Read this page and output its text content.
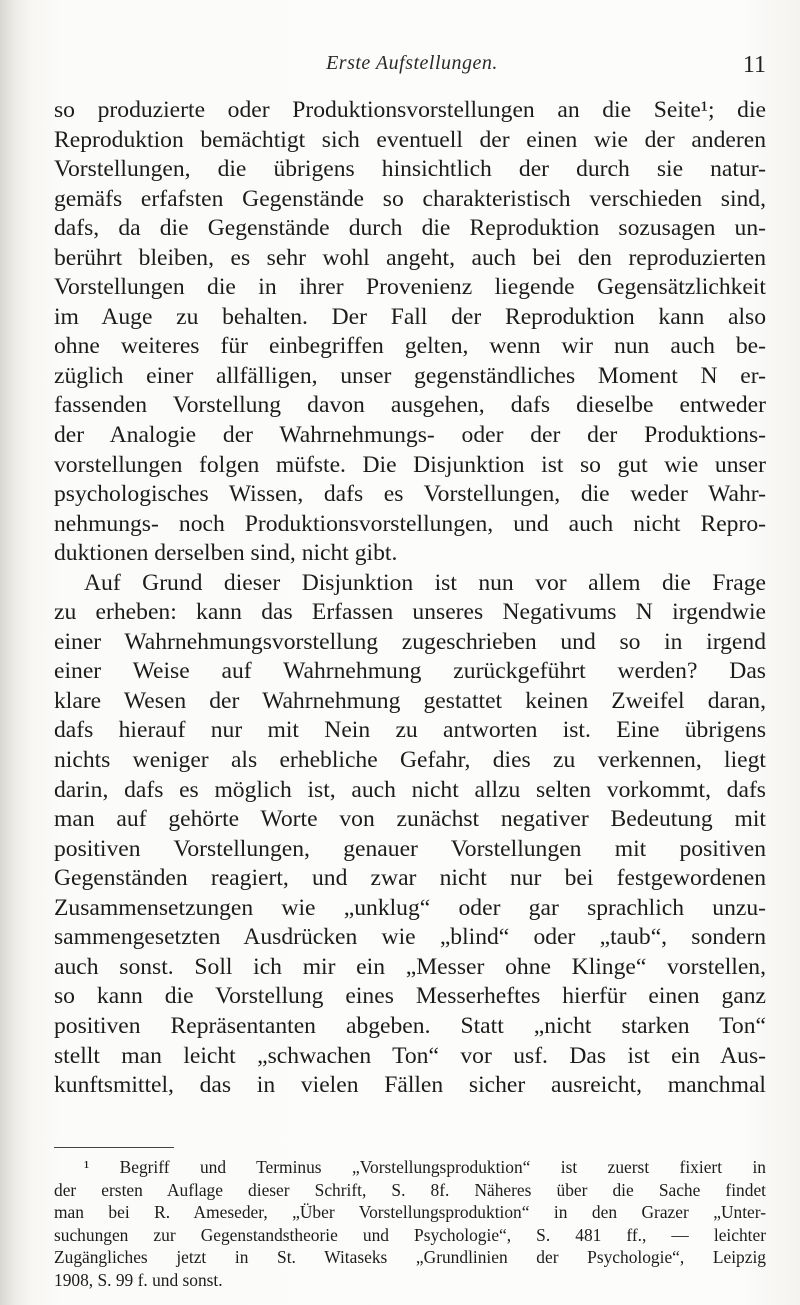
Erste Aufstellungen.	11
so produzierte oder Produktionsvorstellungen an die Seite¹; die
Reproduktion bemächtigt sich eventuell der einen wie der anderen
Vorstellungen, die übrigens hinsichtlich der durch sie natur-
gemäfs erfafsten Gegenstände so charakteristisch verschieden sind,
dafs, da die Gegenstände durch die Reproduktion sozusagen un-
berührt bleiben, es sehr wohl angeht, auch bei den reproduzierten
Vorstellungen die in ihrer Provenienz liegende Gegensätzlichkeit
im Auge zu behalten. Der Fall der Reproduktion kann also
ohne weiteres für einbegriffen gelten, wenn wir nun auch be-
züglich einer allfälligen, unser gegenständliches Moment N er-
fassenden Vorstellung davon ausgehen, dafs dieselbe entweder
der Analogie der Wahrnehmungs- oder der der Produktions-
vorstellungen folgen müfste. Die Disjunktion ist so gut wie unser
psychologisches Wissen, dafs es Vorstellungen, die weder Wahr-
nehmungs- noch Produktionsvorstellungen, und auch nicht Repro-
duktionen derselben sind, nicht gibt.
Auf Grund dieser Disjunktion ist nun vor allem die Frage
zu erheben: kann das Erfassen unseres Negativums N irgendwie
einer Wahrnehmungsvorstellung zugeschrieben und so in irgend
einer Weise auf Wahrnehmung zurückgeführt werden? Das
klare Wesen der Wahrnehmung gestattet keinen Zweifel daran,
dafs hierauf nur mit Nein zu antworten ist. Eine übrigens
nichts weniger als erhebliche Gefahr, dies zu verkennen, liegt
darin, dafs es möglich ist, auch nicht allzu selten vorkommt, dafs
man auf gehörte Worte von zunächst negativer Bedeutung mit
positiven Vorstellungen, genauer Vorstellungen mit positiven
Gegenständen reagiert, und zwar nicht nur bei festgewordenen
Zusammensetzungen wie „unklug“ oder gar sprachlich unzu-
sammengesetzten Ausdrücken wie „blind“ oder „taub“, sondern
auch sonst. Soll ich mir ein „Messer ohne Klinge“ vorstellen,
so kann die Vorstellung eines Messerheftes hierfür einen ganz
positiven Repräsentanten abgeben. Statt „nicht starken Ton“
stellt man leicht „schwachen Ton“ vor usf. Das ist ein Aus-
kunftsmittel, das in vielen Fällen sicher ausreicht, manchmal
¹ Begriff und Terminus „Vorstellungsproduktion“ ist zuerst fixiert in
der ersten Auflage dieser Schrift, S. 8f. Näheres über die Sache findet
man bei R. Ameseder, „Über Vorstellungsproduktion“ in den Grazer „Unter-
suchungen zur Gegenstandstheorie und Psychologie“, S. 481 ff., — leichter
Zugängliches jetzt in St. Witaseks „Grundlinien der Psychologie“, Leipzig
1908, S. 99 f. und sonst.
